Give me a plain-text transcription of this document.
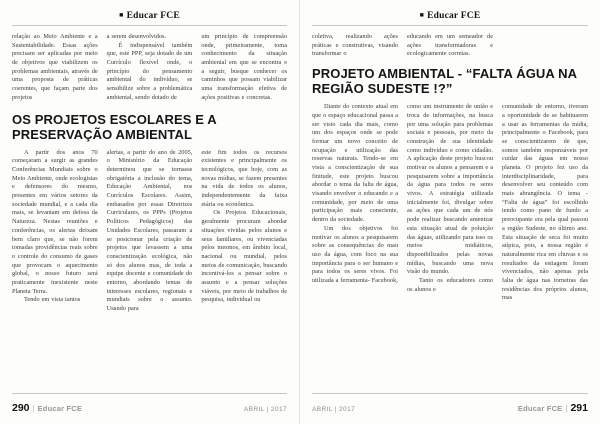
■ Educar FCE

relação ao Meio Ambiente e a Sustentabilidade. Essas ações precisam ser aplicadas por meio de objetivos que viabilizem os problemas ambientais, através de uma proposta de práticas coerentes, que façam parte dos projetos

a serem desenvolvidos.

É indispensável também que, este PPP, seja dotado de um Currículo flexível onde, o princípio do pensamento ambiental do indivíduo, se sensibilize sobre a problemática ambiental, sendo dotado de

um princípio de compreensão onde, primeiramente, toma conhecimento da situação ambiental em que se encontra e a seguir, busque conhecer os caminhos que possam viabilizar uma transformação efetiva de ações positivas e concretas.

OS PROJETOS ESCOLARES E A PRESERVAÇÃO AMBIENTAL

A partir dos anos 70 começaram a surgir as grandes Conferências Mundiais sobre o Meio Ambiente, onde ecologistas e defensores do mesmo, presentes em vários setores da sociedade mundial, e a cada dia mais, se levantam em defesa da Natureza. Nestas reuniões e conferências, os alertas deixam bem claro que, se não forem tomadas providências reais sobre o controle do consumo de gases que provocam o aquecimento global, o nosso futuro será praticamente inexistente neste Planeta Terra.

Tendo em vista tantos

alertas, a partir do ano de 2005, o Ministério da Educação determinou que se tornasse obrigatória a inclusão do tema, Educação Ambiental, nos Currículos Escolares. Assim, embasados por essas Diretrizes Curriculares, os PPPs (Projetos Políticos Pedagógicos) das Unidades Escolares, passaram a se posicionar pela criação de projetos que levassem a uma conscientização ecológica, não só dos alunos mas, de toda a equipe docente e comunidade do entorno, abordando temas de interesses escolares, regionais e mundiais sobre o assunto. Usando para

este fim todos os recursos existentes e principalmente os tecnológicos, que hoje, com as novas mídias, se fazem presentes na vida de todos os alunos, independentemente da faixa etária ou econômica.

Os Projetos Educacionais, geralmente procuram abordar situações vividas pelos alunos e seus familiares, ou vivenciadas pelos mesmos, em âmbito local, nacional ou mundial, pelos meios de comunicação, buscando incentivá-los a pensar sobre o assunto e a pensar soluções viáveis, por meio de trabalhos de pesquisa, individual ou

290 | Educar FCE	ABRIL | 2017
■ Educar FCE

coletiva, realizando ações práticas e construtivas, visando transformar o

educando em um semeador de ações transformadoras e ecologicamente corretas.

PROJETO AMBIENTAL - “FALTA ÁGUA NA REGIÃO SUDESTE !?”

Diante do contexto atual em que o espaço educacional passa a ser visto cada dia mais, como um dos espaços onde se pode formar um novo conceito de ocupação e utilização das reservas naturais. Tendo-se em vista a conscientização de sua finitude, este projeto buscou abordar o tema da falta de água, visando envolver o educando e a comunidade, por meio de uma participação mais consciente, dentro da sociedade.

Um dos objetivos foi motivar os alunos a pesquisarem sobre as consequências do mau uso da água, com foco na sua importância para o ser humano e para todos os seres vivos. Foi utilizada a ferramenta- Facebook,

como um instrumento de união e troca de informações, na busca por uma solução para problemas sociais e pessoais, por meio da construção de sua identidade como indivíduo e como cidadão. A aplicação deste projeto buscou motivar os alunos a pensarem e a pesquisarem sobre a importância da água para todos os seres vivos. A estratégia utilizada inicialmente foi, divulgar sobre as ações que cada um de nós pode realizar buscando amenizar esta situação atual de poluição das águas, utilizando para isso os meios midiáticos, disponibilizados pelas novas mídias, buscando uma nova visão do mundo.

Tanto os educadores como os alunos e

comunidade de entorno, tiveram a oportunidade de se habituarem a usar as ferramentas da mídia, principalmente o Facebook, para se conscientizarem de que, somos também responsáveis por cuidar das águas em nosso planeta. O projeto fez uso da interdisciplinaridade, para desenvolver seu conteúdo com mais abrangência. O tema - “Falta de água” foi escolhido tendo como pano de fundo a preocupante era pela qual passou a região Sudeste, no último ano. Esta situação de seca foi muito atípica, pois, a nossa região é naturalmente rica em chuvas e os resultados da estiagem foram vivenciados, não apenas pela falta de água nas torneiras das residências dos próprios alunos, mas

ABRIL | 2017	Educar FCE | 291
